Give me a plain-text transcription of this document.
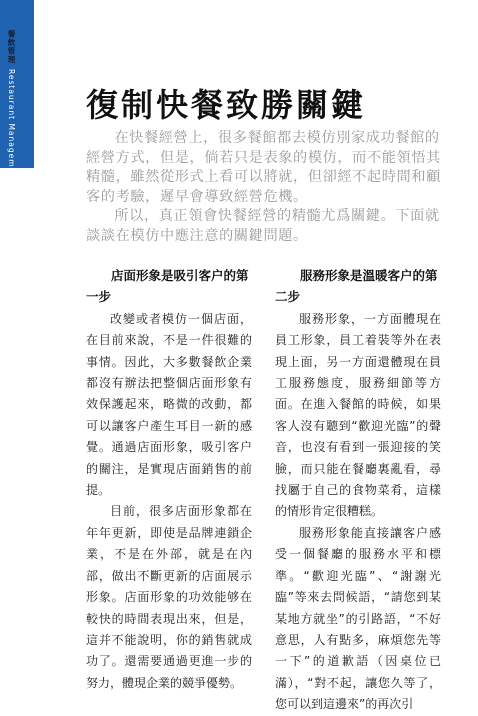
餐飲管理 Restaurant Management 復制快餐致勝關鍵

在快餐經營上，很多餐館都去模仿別家成功餐館的經營方式，但是，倘若只是表象的模仿，而不能領悟其精髓，雖然從形式上看可以將就，但卻經不起時間和顧客的考驗，遲早會導致經營危機。

所以，真正領會快餐經營的精髓尤爲關鍵。下面就談談在模仿中應注意的關鍵問題。

店面形象是吸引客户的第一步

改變或者模仿一個店面，在目前來說，不是一件很難的事情。因此，大多數餐飲企業都沒有辦法把整個店面形象有效保護起來，略微的改動，都可以讓客户產生耳目一新的感覺。通過店面形象，吸引客户的關注，是實現店面銷售的前提。

目前，很多店面形象都在年年更新，即使是品牌連鎖企業，不是在外部，就是在內部，做出不斷更新的店面展示形象。店面形象的功效能够在較快的時間表現出來，但是，這并不能說明，你的銷售就成功了。還需要通過更進一步的努力，體現企業的競爭優勢。

服務形象是溫暖客户的第二步

服務形象，一方面體現在員工形象，員工着裝等外在表現上面，另一方面還體現在員工服務態度，服務細節等方面。在進入餐館的時候，如果客人沒有聽到“歡迎光臨”的聲音，也沒有看到一張迎接的笑臉，而只能在餐廳裏亂看，尋找屬于自己的食物菜肴，這樣的情形肯定很糟糕。

服務形象能直接讓客户感受一個餐廳的服務水平和標準。“歡迎光臨”、“謝謝光臨”等來去問候語，“請您到某某地方就坐”的引路語，“不好意思，人有點多，麻煩您先等一下”的道歉語（因桌位已滿），“對不起，讓您久等了，您可以到這邊來”的再次引
